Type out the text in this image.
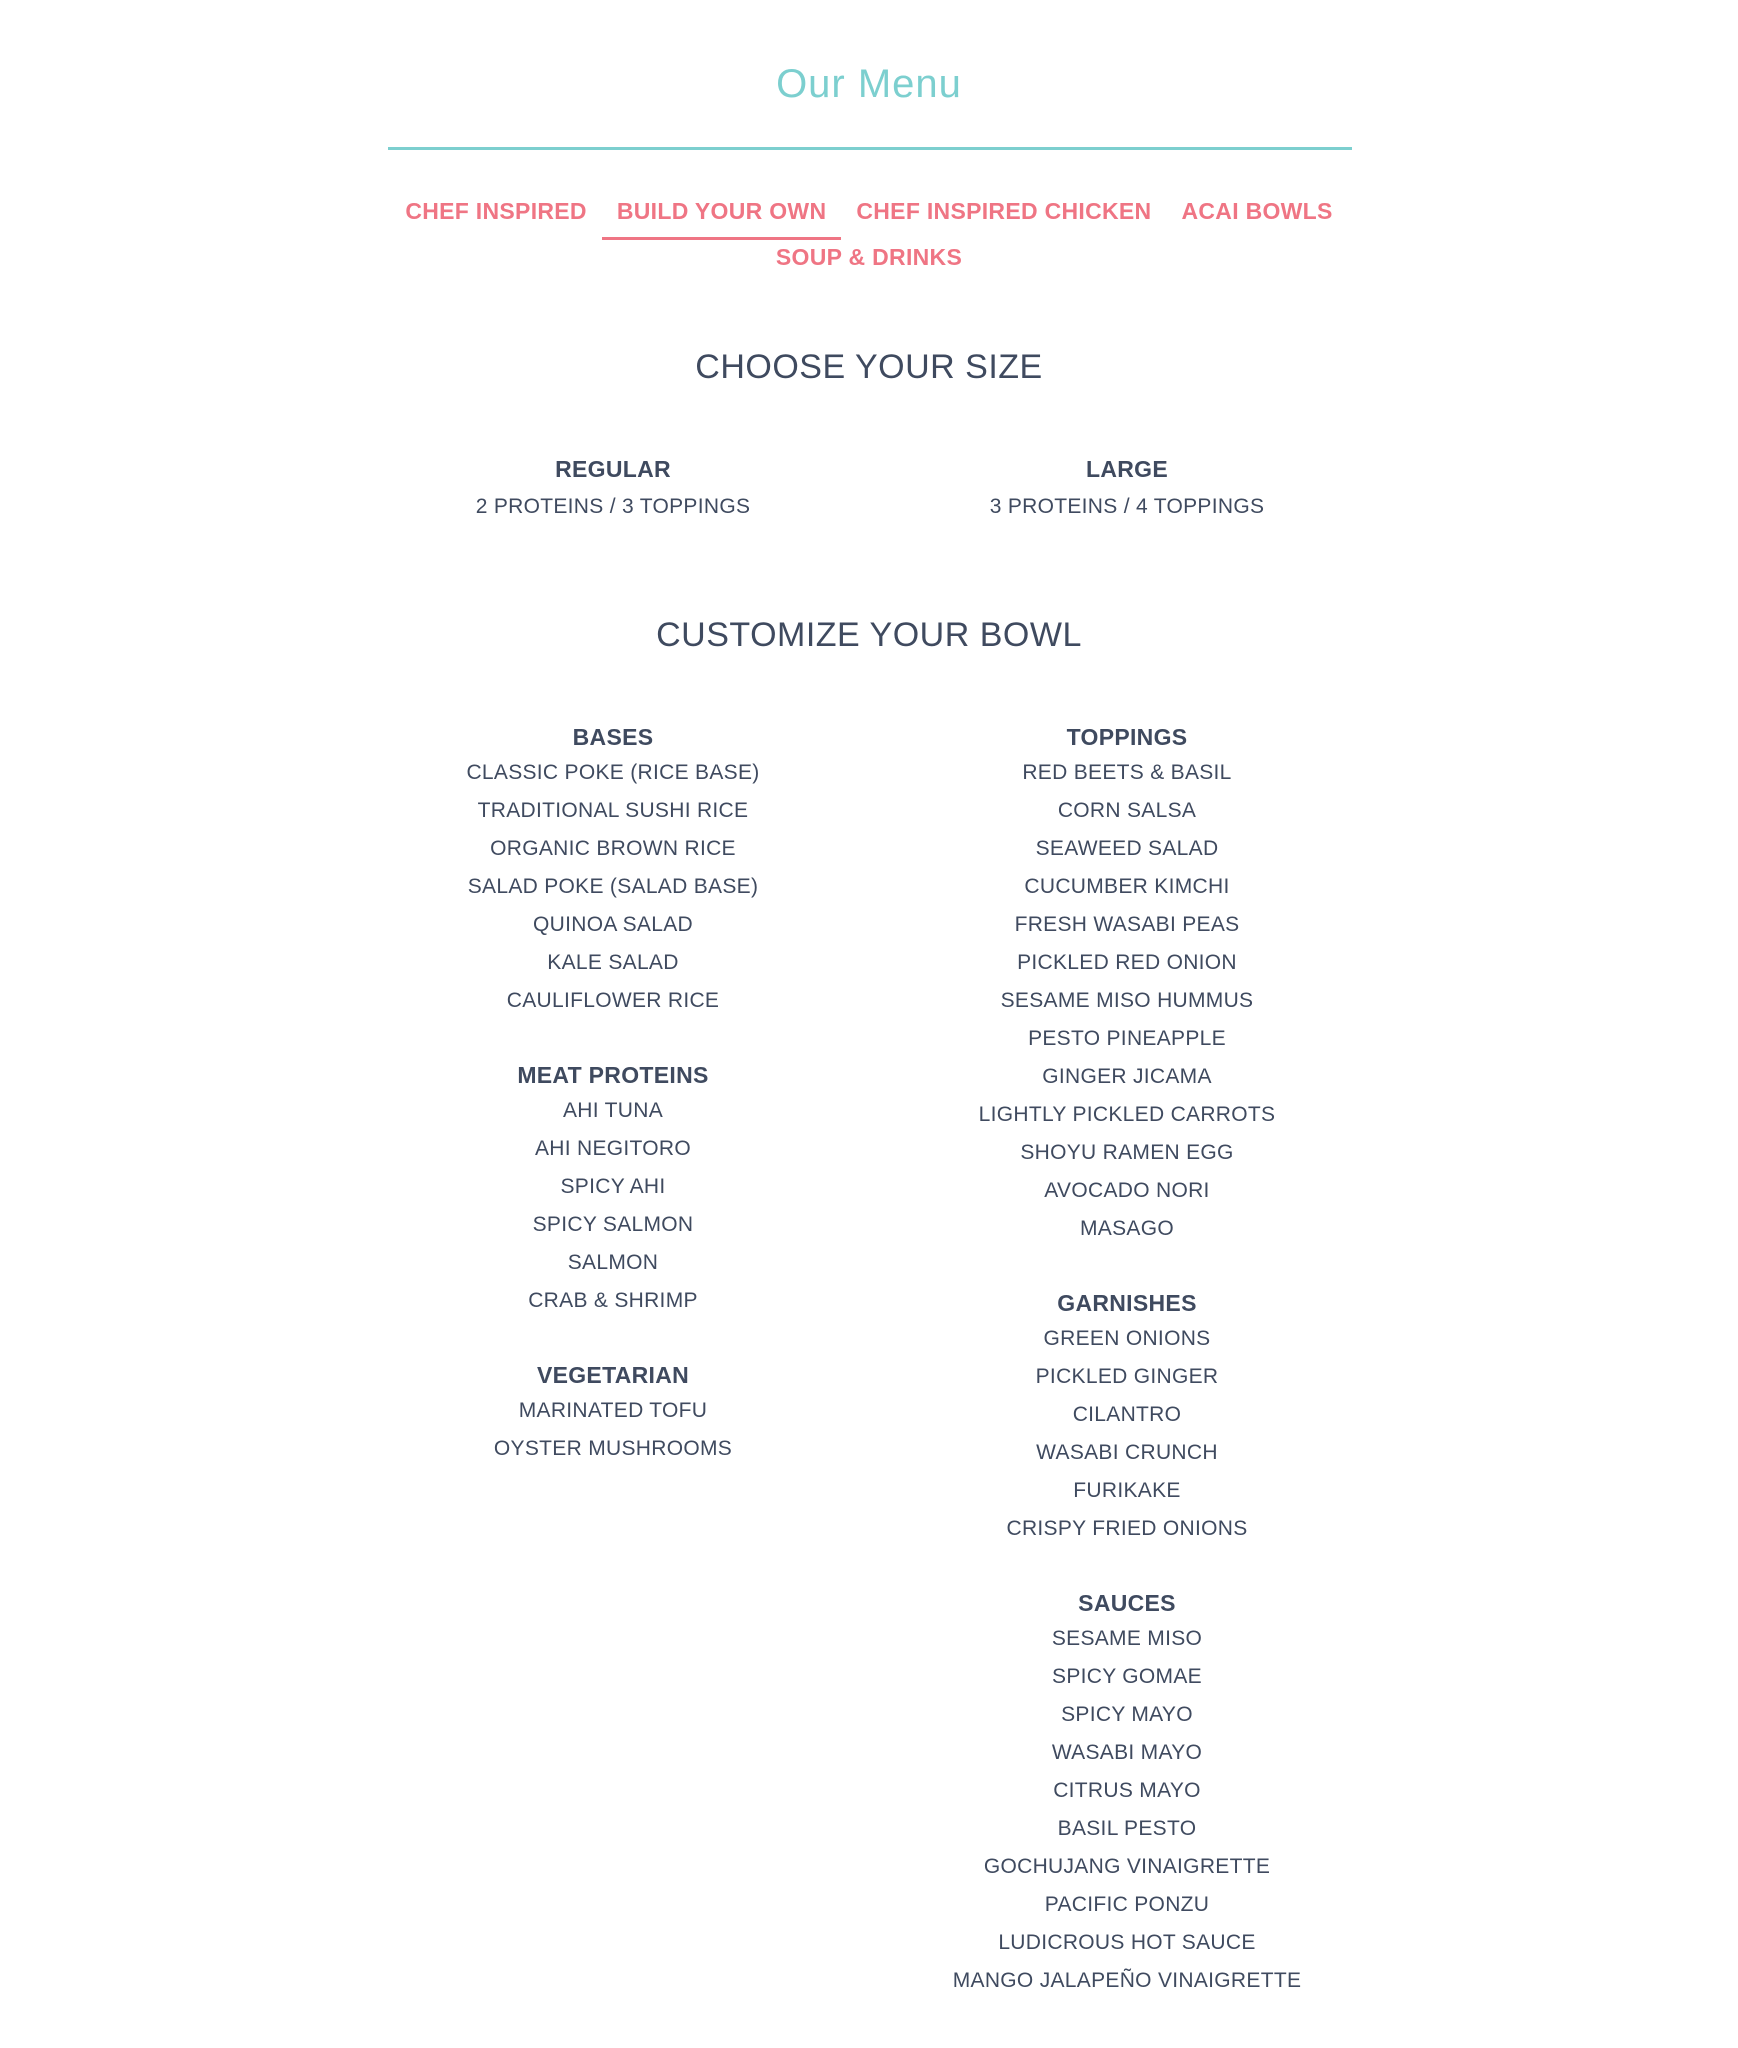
Our Menu
CHEF INSPIRED	BUILD YOUR OWN	CHEF INSPIRED CHICKEN	ACAI BOWLS
SOUP & DRINKS
CHOOSE YOUR SIZE
REGULAR
2 PROTEINS / 3 TOPPINGS
LARGE
3 PROTEINS / 4 TOPPINGS
CUSTOMIZE YOUR BOWL
BASES
CLASSIC POKE (RICE BASE)
TRADITIONAL SUSHI RICE
ORGANIC BROWN RICE
SALAD POKE (SALAD BASE)
QUINOA SALAD
KALE SALAD
CAULIFLOWER RICE
MEAT PROTEINS
AHI TUNA
AHI NEGITORO
SPICY AHI
SPICY SALMON
SALMON
CRAB & SHRIMP
VEGETARIAN
MARINATED TOFU
OYSTER MUSHROOMS
TOPPINGS
RED BEETS & BASIL
CORN SALSA
SEAWEED SALAD
CUCUMBER KIMCHI
FRESH WASABI PEAS
PICKLED RED ONION
SESAME MISO HUMMUS
PESTO PINEAPPLE
GINGER JICAMA
LIGHTLY PICKLED CARROTS
SHOYU RAMEN EGG
AVOCADO NORI
MASAGO
GARNISHES
GREEN ONIONS
PICKLED GINGER
CILANTRO
WASABI CRUNCH
FURIKAKE
CRISPY FRIED ONIONS
SAUCES
SESAME MISO
SPICY GOMAE
SPICY MAYO
WASABI MAYO
CITRUS MAYO
BASIL PESTO
GOCHUJANG VINAIGRETTE
PACIFIC PONZU
LUDICROUS HOT SAUCE
MANGO JALAPEÑO VINAIGRETTE
